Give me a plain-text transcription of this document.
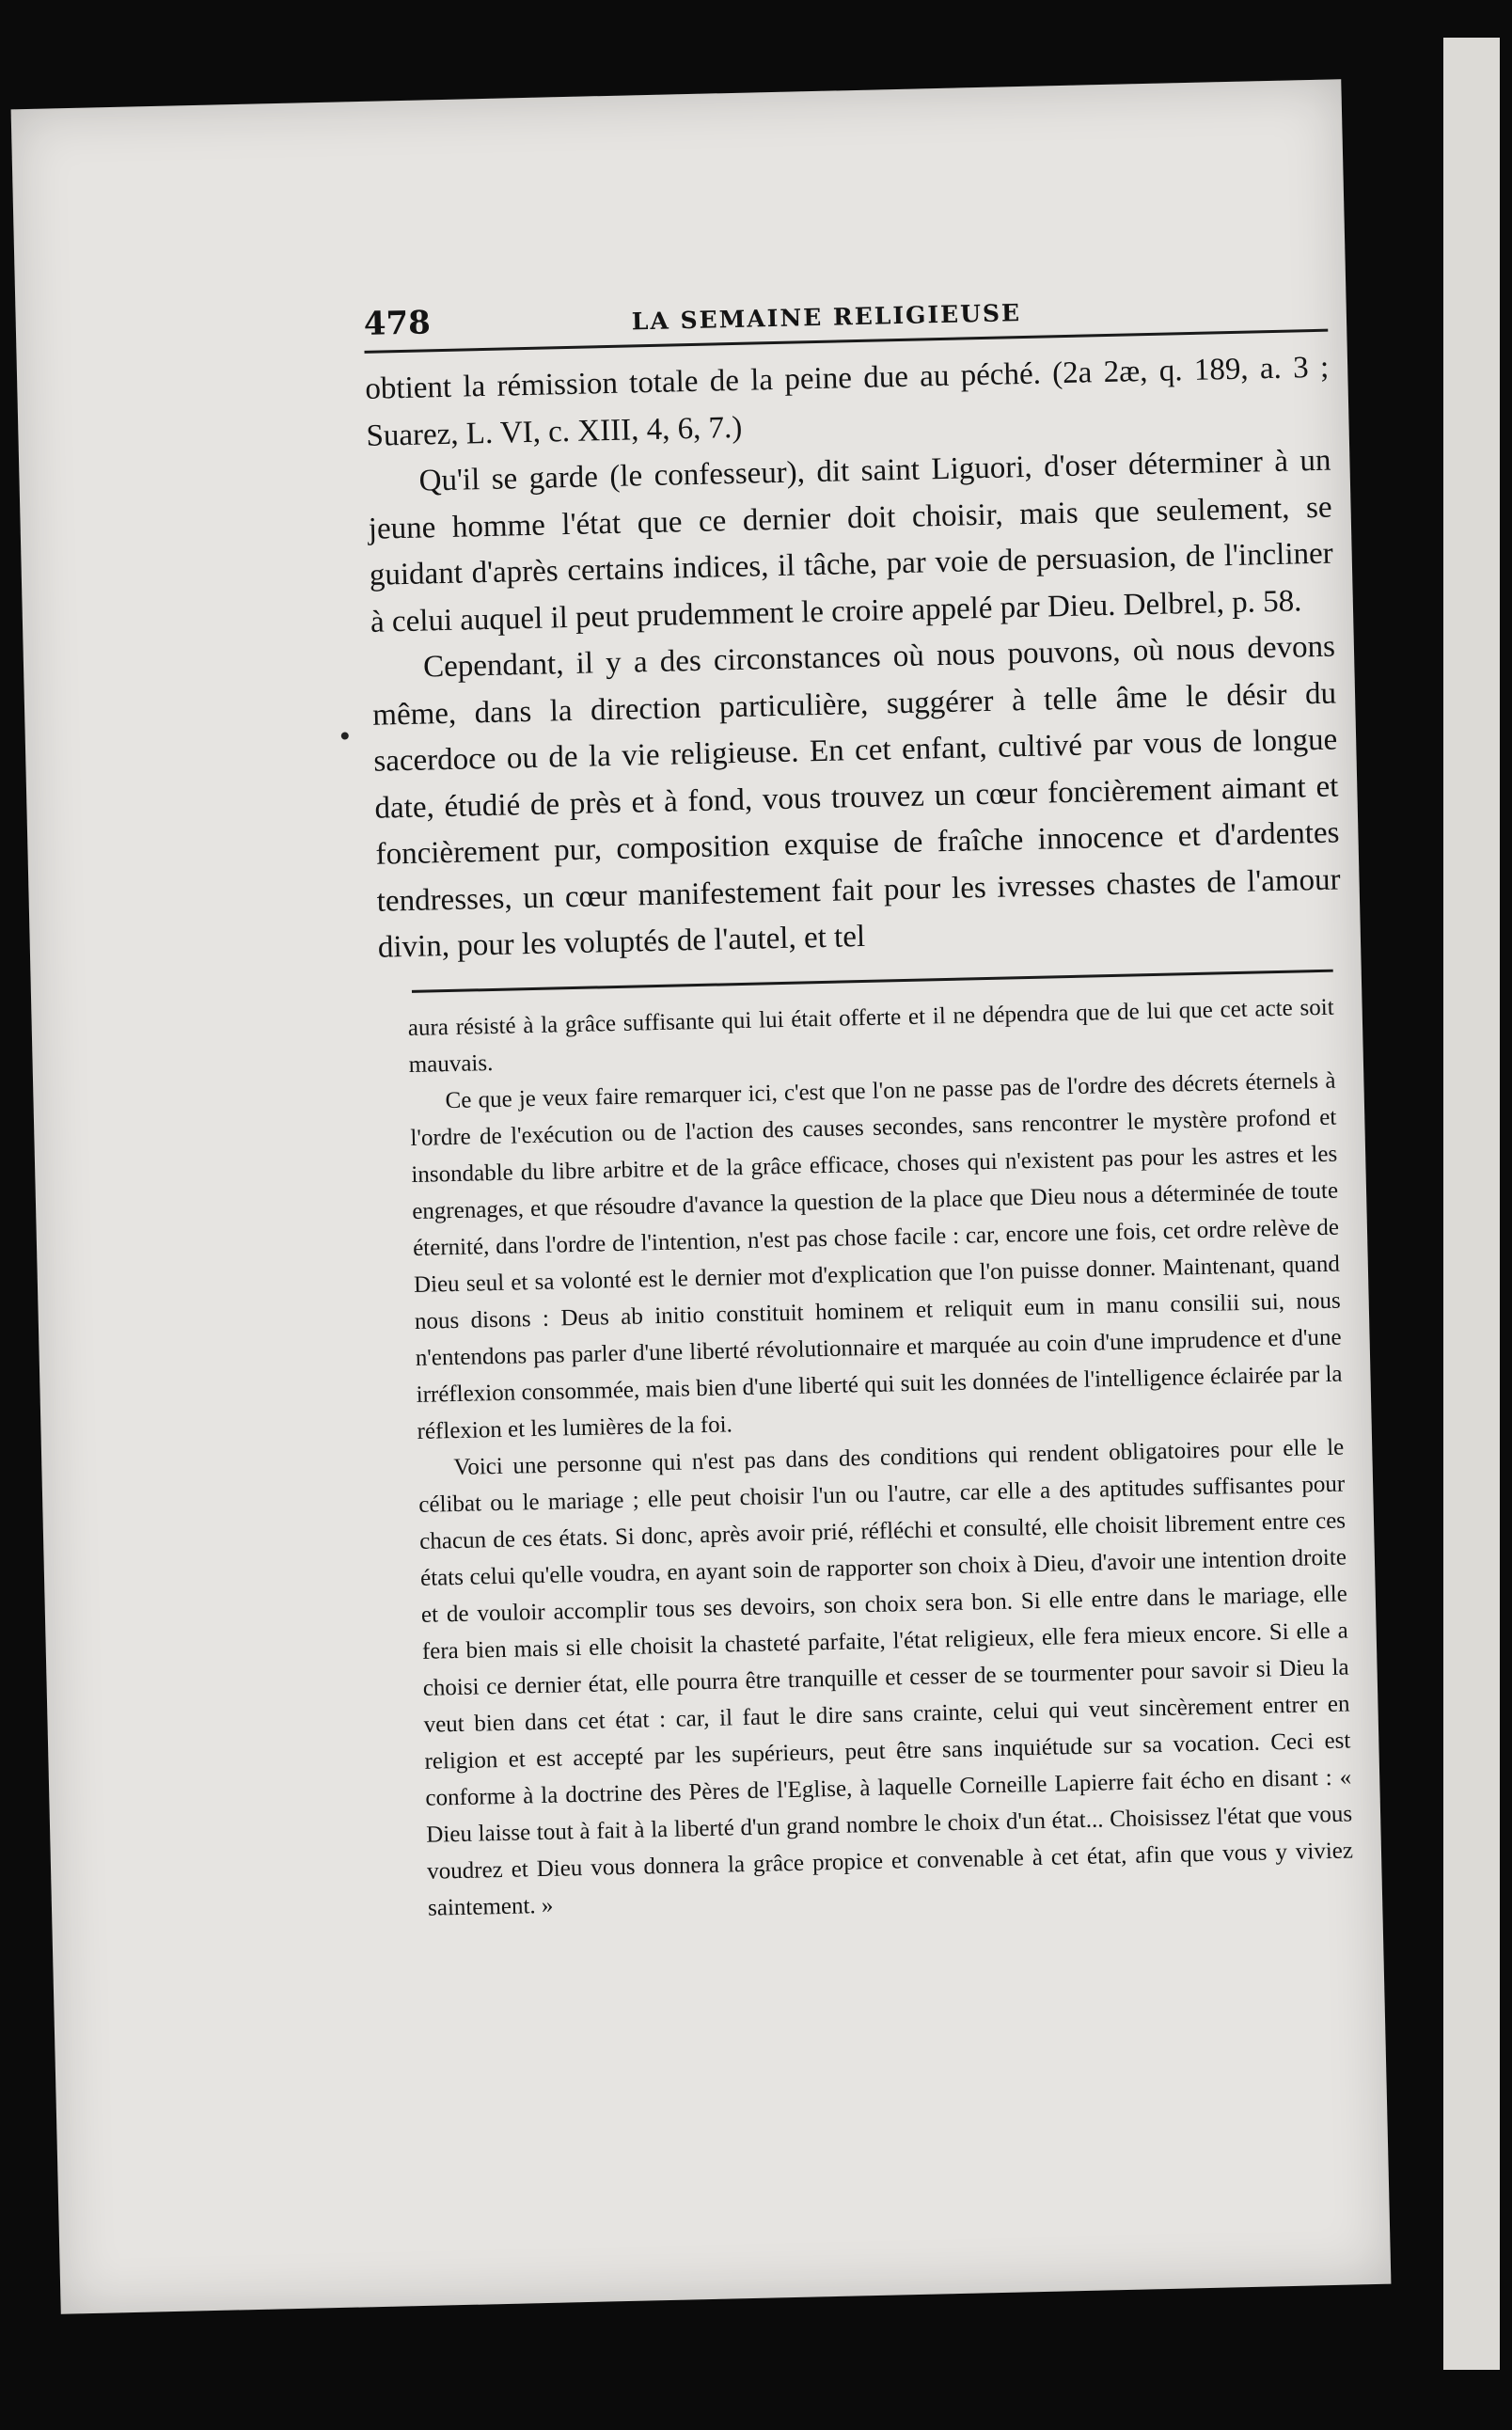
478	LA SEMAINE RELIGIEUSE

obtient la rémission totale de la peine due au péché. (2a 2æ, q. 189, a. 3 ; Suarez, L. VI, c. XIII, 4, 6, 7.)

Qu'il se garde (le confesseur), dit saint Liguori, d'oser déterminer à un jeune homme l'état que ce dernier doit choisir, mais que seulement, se guidant d'après certains indices, il tâche, par voie de persuasion, de l'incliner à celui auquel il peut prudemment le croire appelé par Dieu. Delbrel, p. 58.

Cependant, il y a des circonstances où nous pouvons, où nous devons même, dans la direction particulière, suggérer à telle âme le désir du sacerdoce ou de la vie religieuse. En cet enfant, cultivé par vous de longue date, étudié de près et à fond, vous trouvez un cœur foncièrement aimant et foncièrement pur, composition exquise de fraîche innocence et d'ardentes tendresses, un cœur manifestement fait pour les ivresses chastes de l'amour divin, pour les voluptés de l'autel, et tel

aura résisté à la grâce suffisante qui lui était offerte et il ne dépendra que de lui que cet acte soit mauvais.

Ce que je veux faire remarquer ici, c'est que l'on ne passe pas de l'ordre des décrets éternels à l'ordre de l'exécution ou de l'action des causes secondes, sans rencontrer le mystère profond et insondable du libre arbitre et de la grâce efficace, choses qui n'existent pas pour les astres et les engrenages, et que résoudre d'avance la question de la place que Dieu nous a déterminée de toute éternité, dans l'ordre de l'intention, n'est pas chose facile : car, encore une fois, cet ordre relève de Dieu seul et sa volonté est le dernier mot d'explication que l'on puisse donner. Maintenant, quand nous disons : Deus ab initio constituit hominem et reliquit eum in manu consilii sui, nous n'entendons pas parler d'une liberté révolutionnaire et marquée au coin d'une imprudence et d'une irréflexion consommée, mais bien d'une liberté qui suit les données de l'intelligence éclairée par la réflexion et les lumières de la foi.

Voici une personne qui n'est pas dans des conditions qui rendent obligatoires pour elle le célibat ou le mariage ; elle peut choisir l'un ou l'autre, car elle a des aptitudes suffisantes pour chacun de ces états. Si donc, après avoir prié, réfléchi et consulté, elle choisit librement entre ces états celui qu'elle voudra, en ayant soin de rapporter son choix à Dieu, d'avoir une intention droite et de vouloir accomplir tous ses devoirs, son choix sera bon. Si elle entre dans le mariage, elle fera bien mais si elle choisit la chasteté parfaite, l'état religieux, elle fera mieux encore. Si elle a choisi ce dernier état, elle pourra être tranquille et cesser de se tourmenter pour savoir si Dieu la veut bien dans cet état : car, il faut le dire sans crainte, celui qui veut sincèrement entrer en religion et est accepté par les supérieurs, peut être sans inquiétude sur sa vocation. Ceci est conforme à la doctrine des Pères de l'Eglise, à laquelle Corneille Lapierre fait écho en disant : « Dieu laisse tout à fait à la liberté d'un grand nombre le choix d'un état... Choisissez l'état que vous voudrez et Dieu vous donnera la grâce propice et convenable à cet état, afin que vous y viviez saintement. »
